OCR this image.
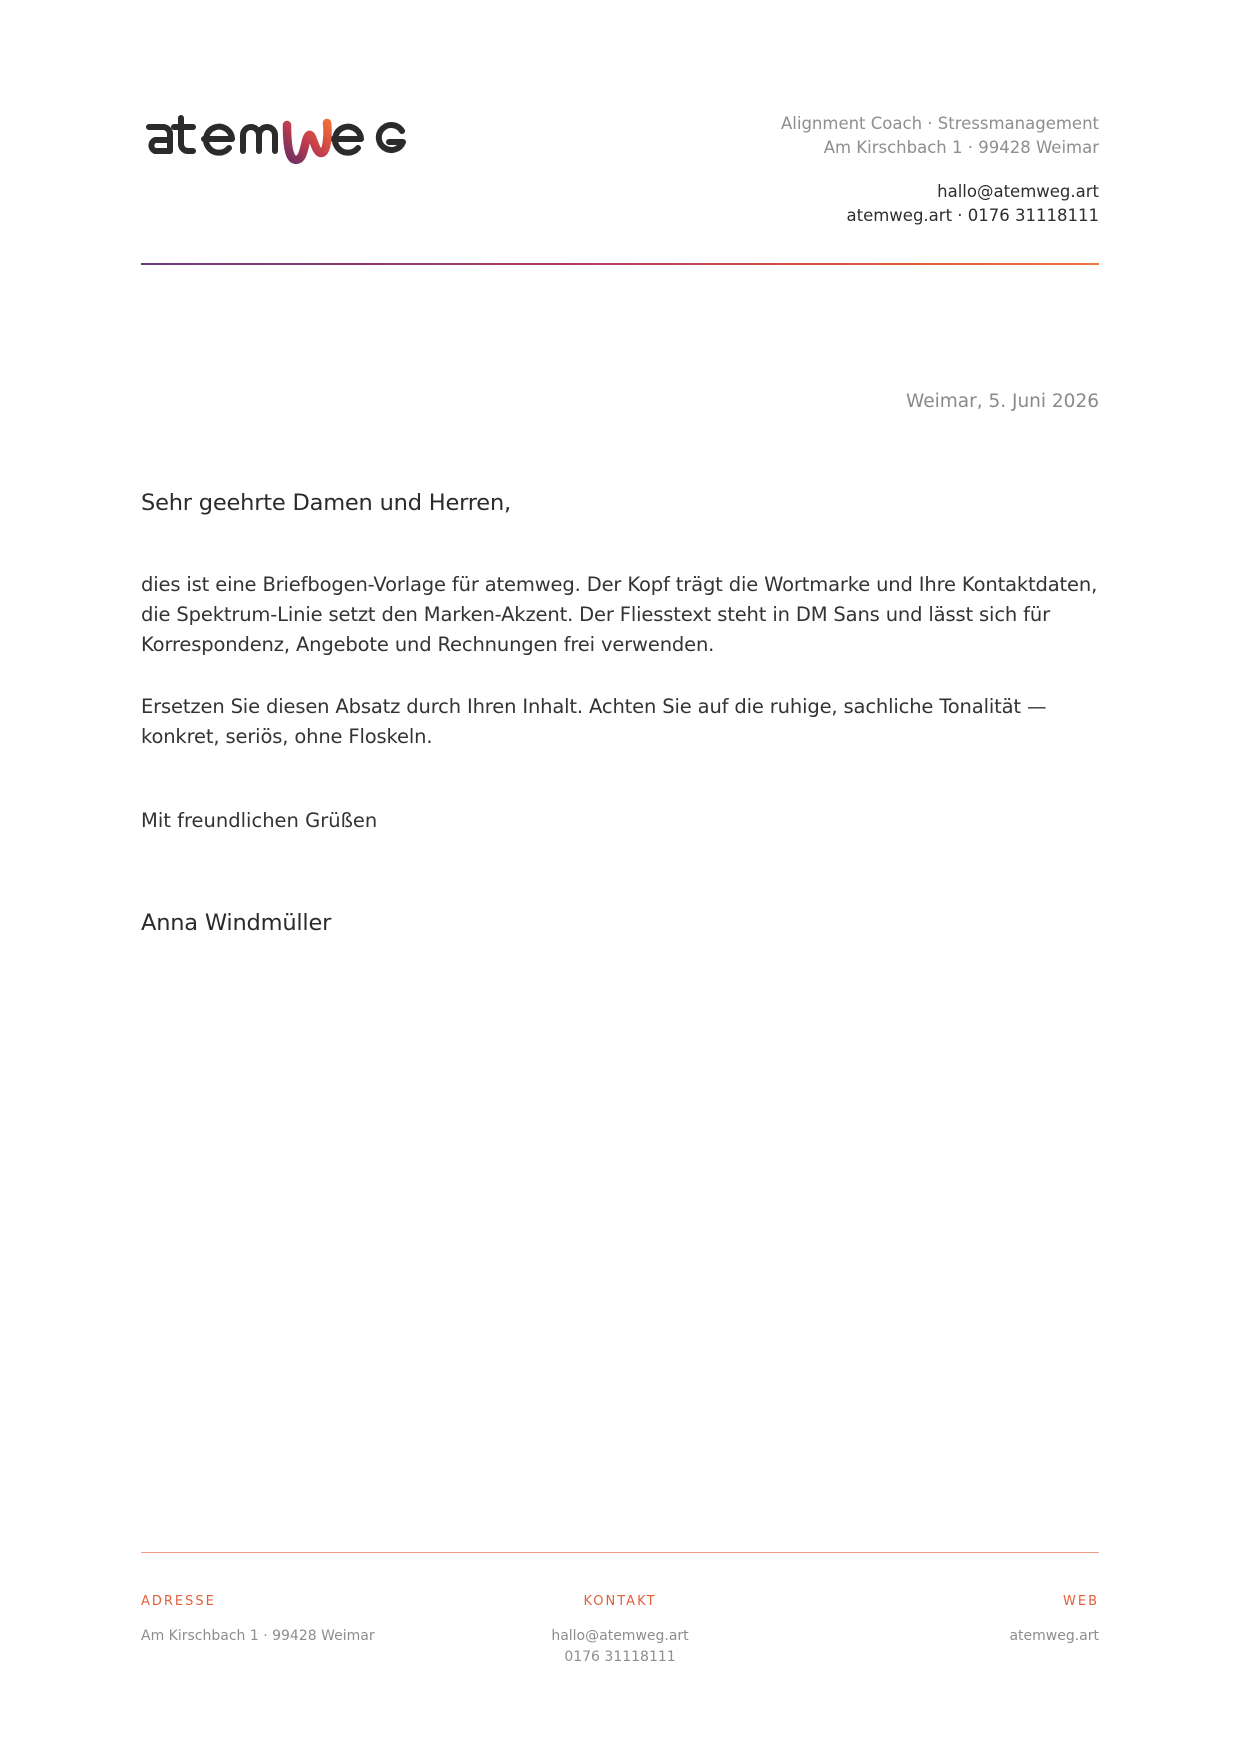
Alignment Coach · Stressmanagement
Am Kirschbach 1 · 99428 Weimar
hallo@atemweg.art
atemweg.art · 0176 31118111
Weimar, 5. Juni 2026
Sehr geehrte Damen und Herren,
dies ist eine Briefbogen-Vorlage für atemweg. Der Kopf trägt die Wortmarke und Ihre Kontaktdaten,
die Spektrum-Linie setzt den Marken-Akzent. Der Fliesstext steht in DM Sans und lässt sich für
Korrespondenz, Angebote und Rechnungen frei verwenden.
Ersetzen Sie diesen Absatz durch Ihren Inhalt. Achten Sie auf die ruhige, sachliche Tonalität —
konkret, seriös, ohne Floskeln.
Mit freundlichen Grüßen
Anna Windmüller
ADRESSE
Am Kirschbach 1 · 99428 Weimar
KONTAKT
hallo@atemweg.art
0176 31118111
WEB
atemweg.art
